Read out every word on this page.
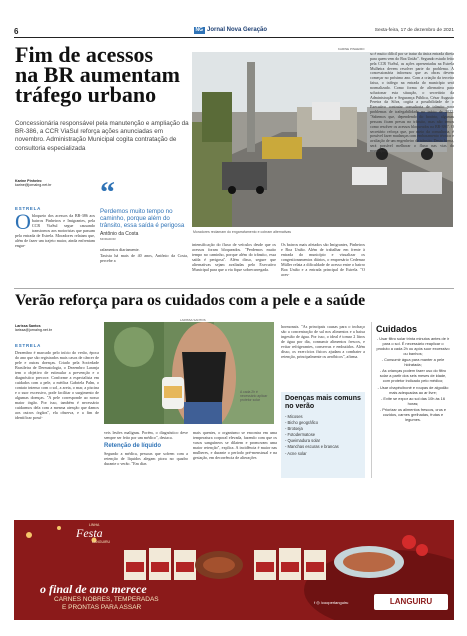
6	NG Jornal Nova Geração	Sexta-feira, 17 de dezembro de 2021
Fim de acessos
na BR aumentam
tráfego urbano
Concessionária responsável pela manutenção e ampliação da BR-386, a CCR ViaSul reforça ações anunciadas em novembro. Administração Municipal cogita contratação de consultoria especializada
Karine Pinheiro
karine@jornalng.net.br
ESTRELA
KARINE PINHEIRO
Moradores reclamam do engarrafamento e cobram alternativas
O bloqueio dos acessos da BR-386 aos bairros Pinheiros e Imigrantes, pela CCR ViaSul segue causando transtornos aos motoristas que passam pela entrada de Estrela. Moradores relatam que, além de fazer um trajeto maior, ainda enfrentam engar-
“
Perdemos muito tempo no caminho, porque além do trânsito, essa saída é perigosa
Antônio da Costa
MORADOR

rafamentos diariamente.

Taxista há mais de 40 anos, Antônio da Costa, percebe a

intensificação do fluxo de veículos desde que os acessos foram bloqueados. "Perdemos muito tempo no caminho, porque além do trânsito, essa saída é perigosa". Além disso, segure que alternativas sejam avaliadas pelo Executivo Municipal para que a via fique sobrecarregada.
Os bairros mais afetados são Imigrantes, Pinheiros e Boa União. Além de trabalhar em frente à entrada do município e visualizar os congestionamentos diários, o empresário Cedemar Müller relata a dificuldade de acesso entre o bairro Boa União e a entrada principal de Estrela. "O aces-
so é muito difícil por se tratar da única entrada direta para quem vem do Boa União". Segundo estudo feito pela CCR ViaSul, as ações apresentadas na Estrela Mulheira devem resolver parte do problema. A concessionária informou que as obras devem começar no próximo ano. Com a criação da terceira faixa, o tráfego na entrada do município será normalizado. Como forma de alternativa para solucionar esta situação, o secretário da Administração e Segurança Pública, César Augusto Pereira da Silva, cogita a possibilidade de o Executivo contratar consultoria de trânsito para problemas de trafegabilidade no início de 2022. "Sabemos que, dependendo do horário, algumas pessoas ficam presas no trânsito, mas não temos como resolver os acessos bloqueados na BR-386". O secretário reforça que, por meio da consultoria, é possível fazer mudanças com embasamento técnico e avaliação de um engenheiro de trânsito. Desta forma, será possível melhorar o fluxo nas vias do município.
Verão reforça para os cuidados com a pele e a saúde
Larissa Santos
larissa@jornalng.net.br
ESTRELA
Dezembro é marcado pelo início do verão, época do ano que são registrados mais casos de câncer de pele e outras doenças. Criado pela Sociedade Brasileira de Dermatologia, o Dezembro Laranja tem o objetivo de estimular a prevenção e o diagnóstico precoce. Conforme a especialista em cuidados com a pele, a médica Gabriela Palm, o contato intenso com o sol, a areia, o mar, a piscina e o suor excessivo, pode facilitar o surgimento de algumas doenças. "A pele corresponde ao nosso maior órgão. Por isso, também é necessário cuidarmos dela com a mesma atenção que damos aos outros órgãos", ela observa, e a fim de identificar possí-
LARISSA SANTOS
A cada 2h é necessário aplicar protetor solar

veis lesões malignas. Porém, o diagnóstico deve sempre ser feito por um médico", destaca.

Retenção de líquido

Segundo a médica, pessoas que sofrem com a retenção de líquidos alegam piora no quadro durante o verão. "Em dias

mais quentes, o organismo se encontra em uma temperatura corporal elevada, fazendo com que os vasos sanguíneos se dilatem e promovam uma maior retenção", explica. A incidência é maior nas mulheres, e durante o período pré-menstrual e na gestação, em decorrência de alterações
hormonais. "As principais causas para o inchaço são a concentração de sal nos alimentos e a baixa ingestão de água. Por isso, o ideal é tomar 2 litros de água por dia, consumir alimentos frescos, e evitar refrigerantes, conservas e embutidos. Além disso, os exercícios físicos ajudam a combater a retenção, principalmente os aeróbicos", afirma.
Doenças mais comuns no verão
- Micoses
- Bicho geográfico
- Brotoeja
- Fotodermatose
- Queimadura solar
- Manchas escuras e brancas
- Acne solar
Cuidados
- Usar filtro solar trinta minutos antes de ir para o sol. É necessário reaplicar o produto a cada 2h ou após suor excessivo ou banhos;
- Consumir água para manter a pele hidratada;
- As crianças podem fazer uso do filtro solar a partir dos seis meses de idade, com protetor indicado pelo médico;
- Usar chapéu/boné e roupas de algodão mais adequadas ao ar livre;
- Evite se expor ao sol das 10h às 16 horas;
- Priorizar os alimentos frescos, crus e cozidos, carnes grelhadas, frutas e legumes.
LINHA
Festa
LANGUIRU
o final de ano merece
CARNES NOBRES, TEMPERADAS
E PRONTAS PARA ASSAR
f ◎ /cooperlanguiru	LANGUIRU
